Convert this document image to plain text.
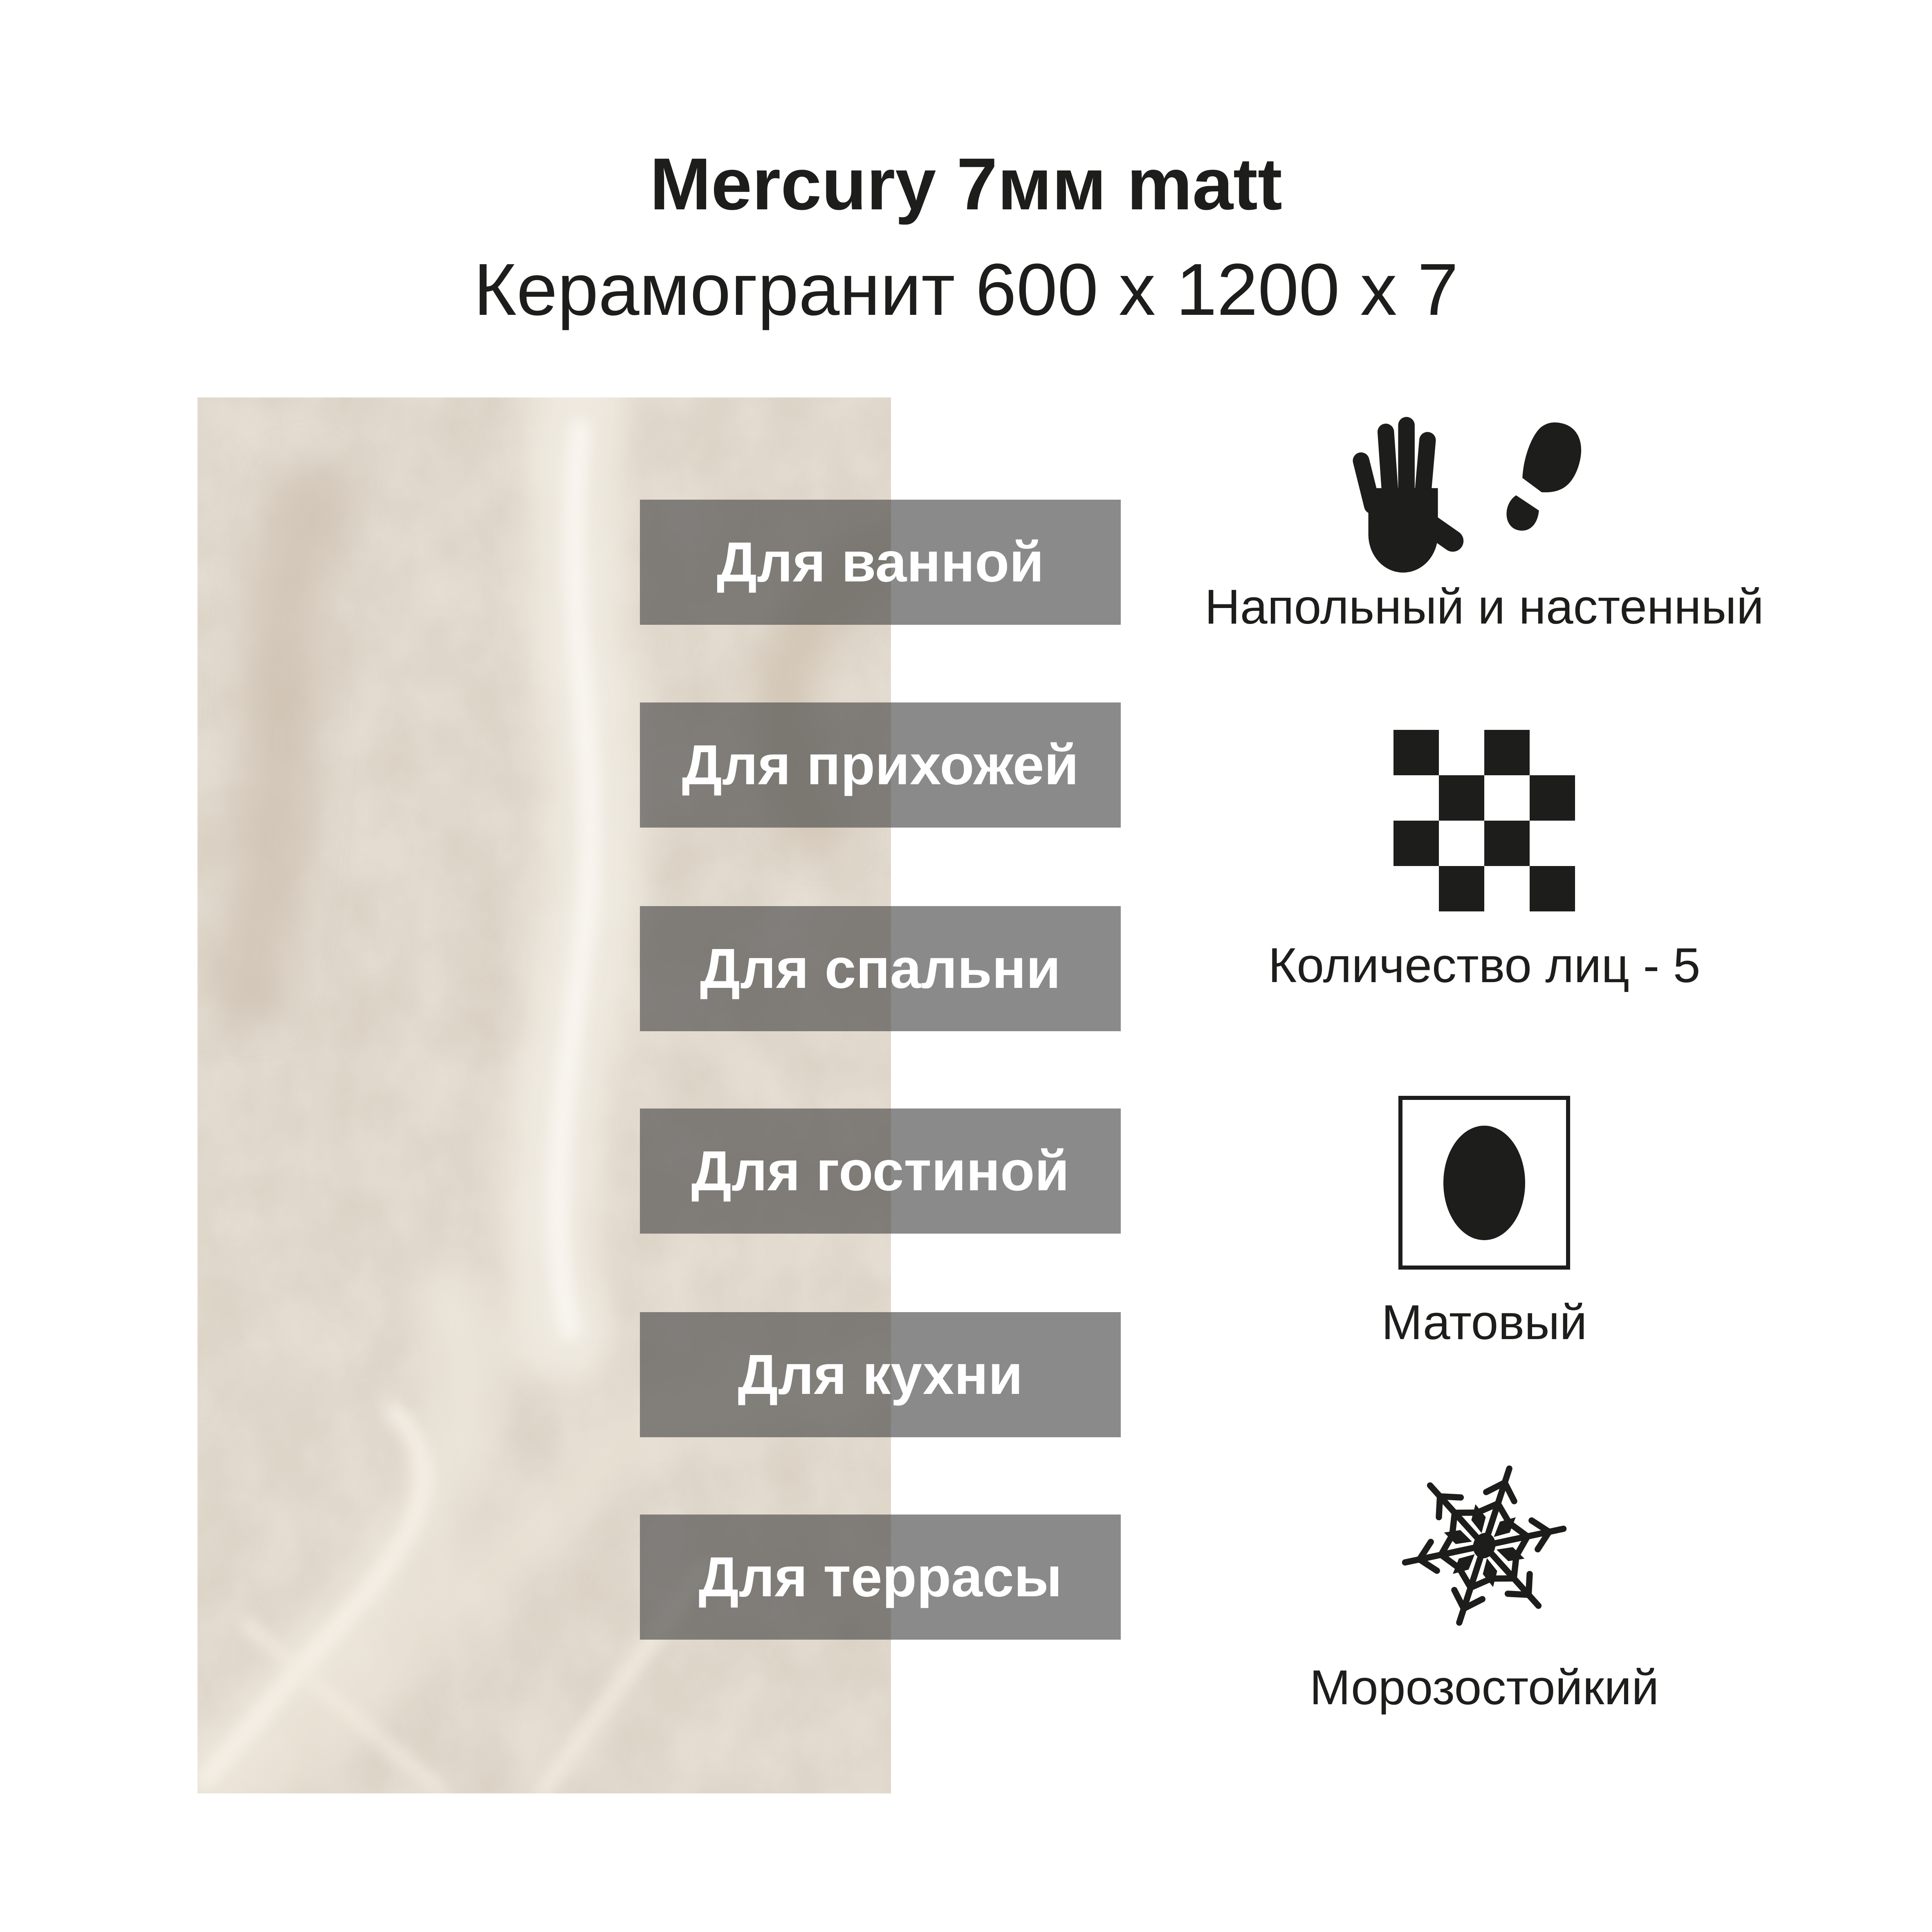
Mercury 7мм matt
Керамогранит 600 х 1200 х 7
Для ванной
Для прихожей
Для спальни
Для гостиной
Для кухни
Для террасы
Напольный и настенный
Количество лиц - 5
Матовый
Морозостойкий
